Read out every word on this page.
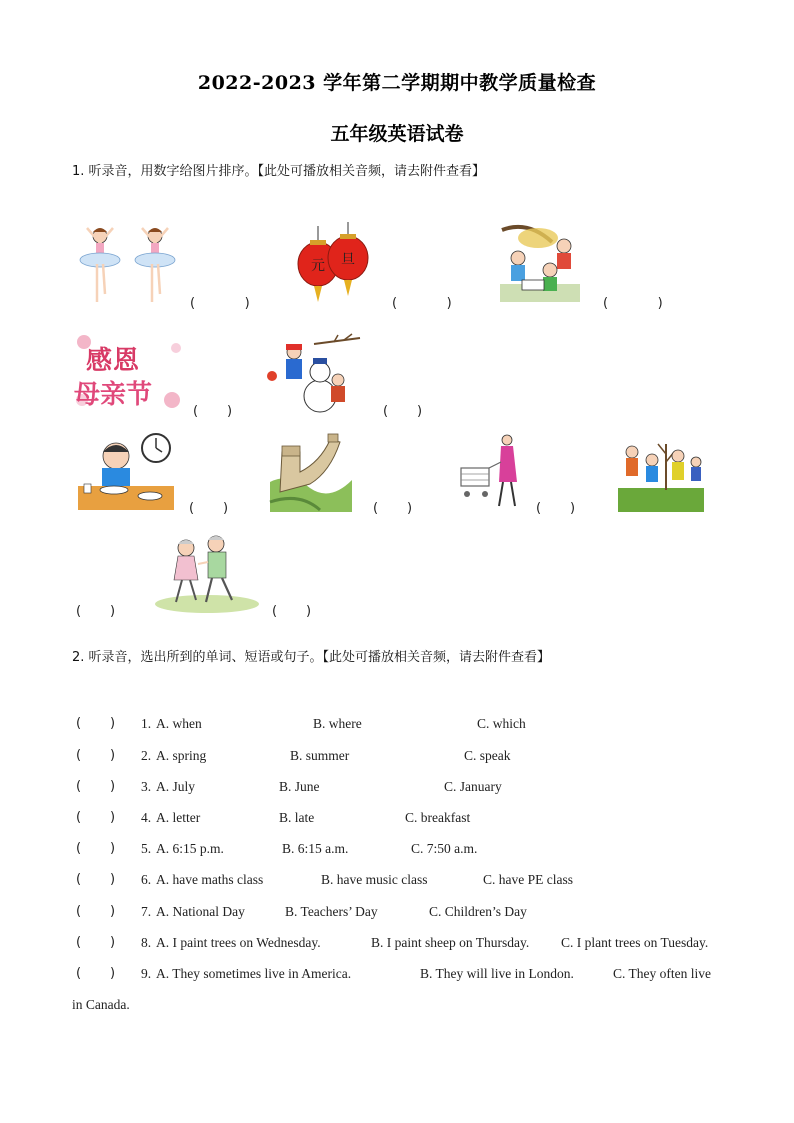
2022-2023 学年第二学期期中教学质量检查
五年级英语试卷
1. 听录音，用数字给图片排序。【此处可播放相关音频，请去附件查看】
(            )
元 旦
(            )	(            )
感恩
母亲节
(       )	(       )
(       )	(       )	(       )
(       )	(       )
2. 听录音，选出所到的单词、短语或句子。【此处可播放相关音频，请去附件查看】
(       ) 1. A. when	B. where	C. which
(       ) 2. A. spring	B. summer	C. speak
(       ) 3. A. July	B. June	C. January
(       ) 4. A. letter	B. late	C. breakfast
(       ) 5. A. 6:15 p.m.	B. 6:15 a.m.	C. 7:50 a.m.
(       ) 6. A. have maths class	B. have music class	C. have PE class
(       ) 7. A. National Day	B. Teachers’ Day	C. Children’s Day
(       ) 8. A. I paint trees on Wednesday.	B. I paint sheep on Thursday. C. I plant trees on Tuesday.
(       ) 9. A. They sometimes live in America.	B. They will live in London.	C. They often live
in Canada.
